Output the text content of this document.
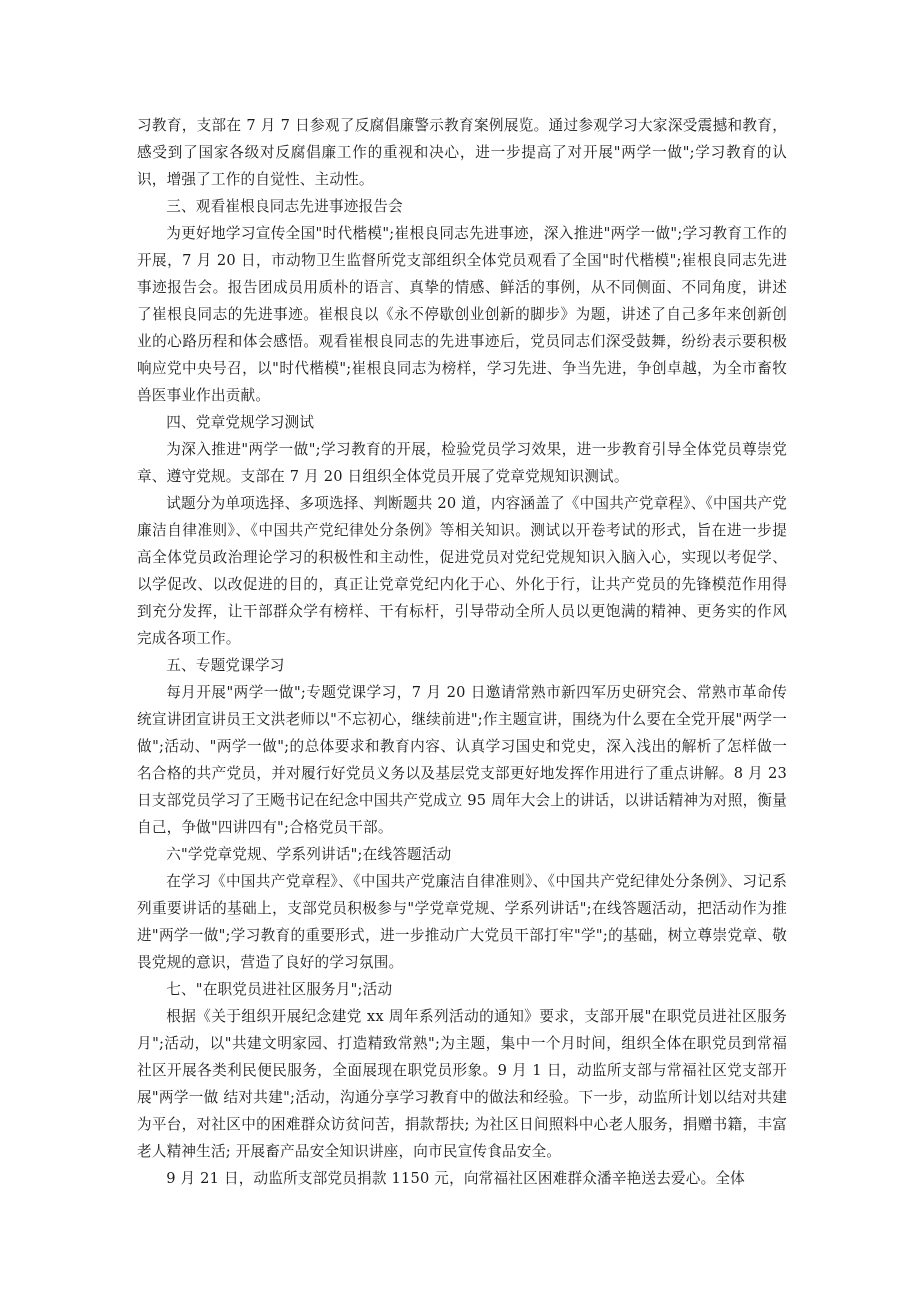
习教育，支部在 7 月 7 日参观了反腐倡廉警示教育案例展览。通过参观学习大家深受震撼和教育，感受到了国家各级对反腐倡廉工作的重视和决心，进一步提高了对开展"两学一做";学习教育的认识，增强了工作的自觉性、主动性。

三、观看崔根良同志先进事迹报告会

为更好地学习宣传全国"时代楷模";崔根良同志先进事迹，深入推进"两学一做";学习教育工作的开展，7 月 20 日，市动物卫生监督所党支部组织全体党员观看了全国"时代楷模";崔根良同志先进事迹报告会。报告团成员用质朴的语言、真挚的情感、鲜活的事例，从不同侧面、不同角度，讲述了崔根良同志的先进事迹。崔根良以《永不停歇创业创新的脚步》为题，讲述了自己多年来创新创业的心路历程和体会感悟。观看崔根良同志的先进事迹后，党员同志们深受鼓舞，纷纷表示要积极响应党中央号召，以"时代楷模";崔根良同志为榜样，学习先进、争当先进，争创卓越，为全市畜牧兽医事业作出贡献。

四、党章党规学习测试

为深入推进"两学一做";学习教育的开展，检验党员学习效果，进一步教育引导全体党员尊崇党章、遵守党规。支部在 7 月 20 日组织全体党员开展了党章党规知识测试。

试题分为单项选择、多项选择、判断题共 20 道，内容涵盖了《中国共产党章程》、《中国共产党廉洁自律准则》、《中国共产党纪律处分条例》等相关知识。测试以开卷考试的形式，旨在进一步提高全体党员政治理论学习的积极性和主动性，促进党员对党纪党规知识入脑入心，实现以考促学、以学促改、以改促进的目的，真正让党章党纪内化于心、外化于行，让共产党员的先锋模范作用得到充分发挥，让干部群众学有榜样、干有标杆，引导带动全所人员以更饱满的精神、更务实的作风完成各项工作。

五、专题党课学习

每月开展"两学一做";专题党课学习，7 月 20 日邀请常熟市新四军历史研究会、常熟市革命传统宣讲团宣讲员王文洪老师以"不忘初心，继续前进";作主题宣讲，围绕为什么要在全党开展"两学一做";活动、"两学一做";的总体要求和教育内容、认真学习国史和党史，深入浅出的解析了怎样做一名合格的共产党员，并对履行好党员义务以及基层党支部更好地发挥作用进行了重点讲解。8 月 23 日支部党员学习了王飏书记在纪念中国共产党成立 95 周年大会上的讲话，以讲话精神为对照，衡量自己，争做"四讲四有";合格党员干部。

六"学党章党规、学系列讲话";在线答题活动

在学习《中国共产党章程》、《中国共产党廉洁自律准则》、《中国共产党纪律处分条例》、习记系列重要讲话的基础上，支部党员积极参与"学党章党规、学系列讲话";在线答题活动，把活动作为推进"两学一做";学习教育的重要形式，进一步推动广大党员干部打牢"学";的基础，树立尊崇党章、敬畏党规的意识，营造了良好的学习氛围。

七、"在职党员进社区服务月";活动

根据《关于组织开展纪念建党 xx 周年系列活动的通知》要求，支部开展"在职党员进社区服务月";活动，以"共建文明家园、打造精致常熟";为主题，集中一个月时间，组织全体在职党员到常福社区开展各类利民便民服务，全面展现在职党员形象。9 月 1 日，动监所支部与常福社区党支部开展"两学一做 结对共建";活动，沟通分享学习教育中的做法和经验。下一步，动监所计划以结对共建为平台，对社区中的困难群众访贫问苦，捐款帮扶; 为社区日间照料中心老人服务，捐赠书籍，丰富老人精神生活; 开展畜产品安全知识讲座，向市民宣传食品安全。

9 月 21 日，动监所支部党员捐款 1150 元，向常福社区困难群众潘辛艳送去爱心。全体
